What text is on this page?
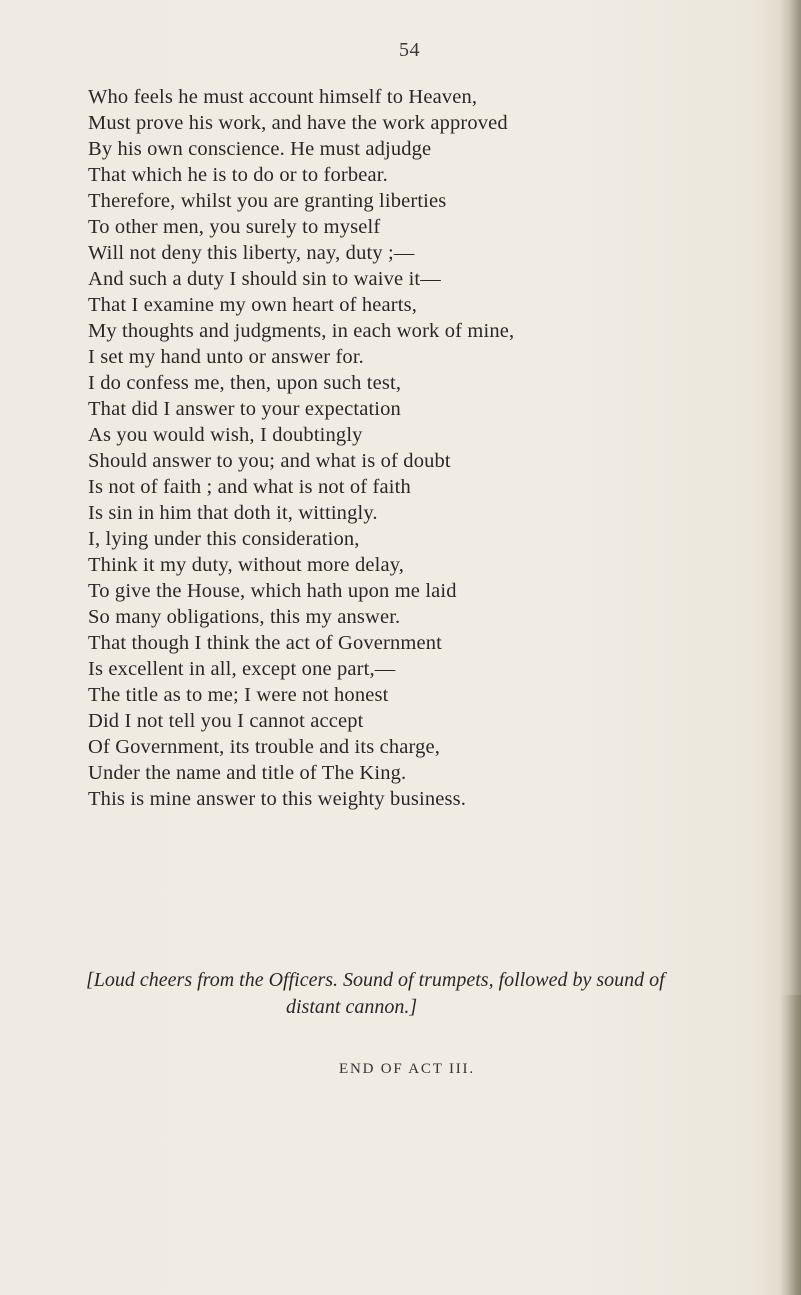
54
Who feels he must account himself to Heaven,
Must prove his work, and have the work approved
By his own conscience. He must adjudge
That which he is to do or to forbear.
Therefore, whilst you are granting liberties
To other men, you surely to myself
Will not deny this liberty, nay, duty ;—
And such a duty I should sin to waive it—
That I examine my own heart of hearts,
My thoughts and judgments, in each work of mine,
I set my hand unto or answer for.
I do confess me, then, upon such test,
That did I answer to your expectation
As you would wish, I doubtingly
Should answer to you; and what is of doubt
Is not of faith ; and what is not of faith
Is sin in him that doth it, wittingly.
I, lying under this consideration,
Think it my duty, without more delay,
To give the House, which hath upon me laid
So many obligations, this my answer.
That though I think the act of Government
Is excellent in all, except one part,—
The title as to me; I were not honest
Did I not tell you I cannot accept
Of Government, its trouble and its charge,
Under the name and title of The King.
This is mine answer to this weighty business.
[Loud cheers from the Officers. Sound of trumpets, followed by sound of
distant cannon.]
END OF ACT III.
